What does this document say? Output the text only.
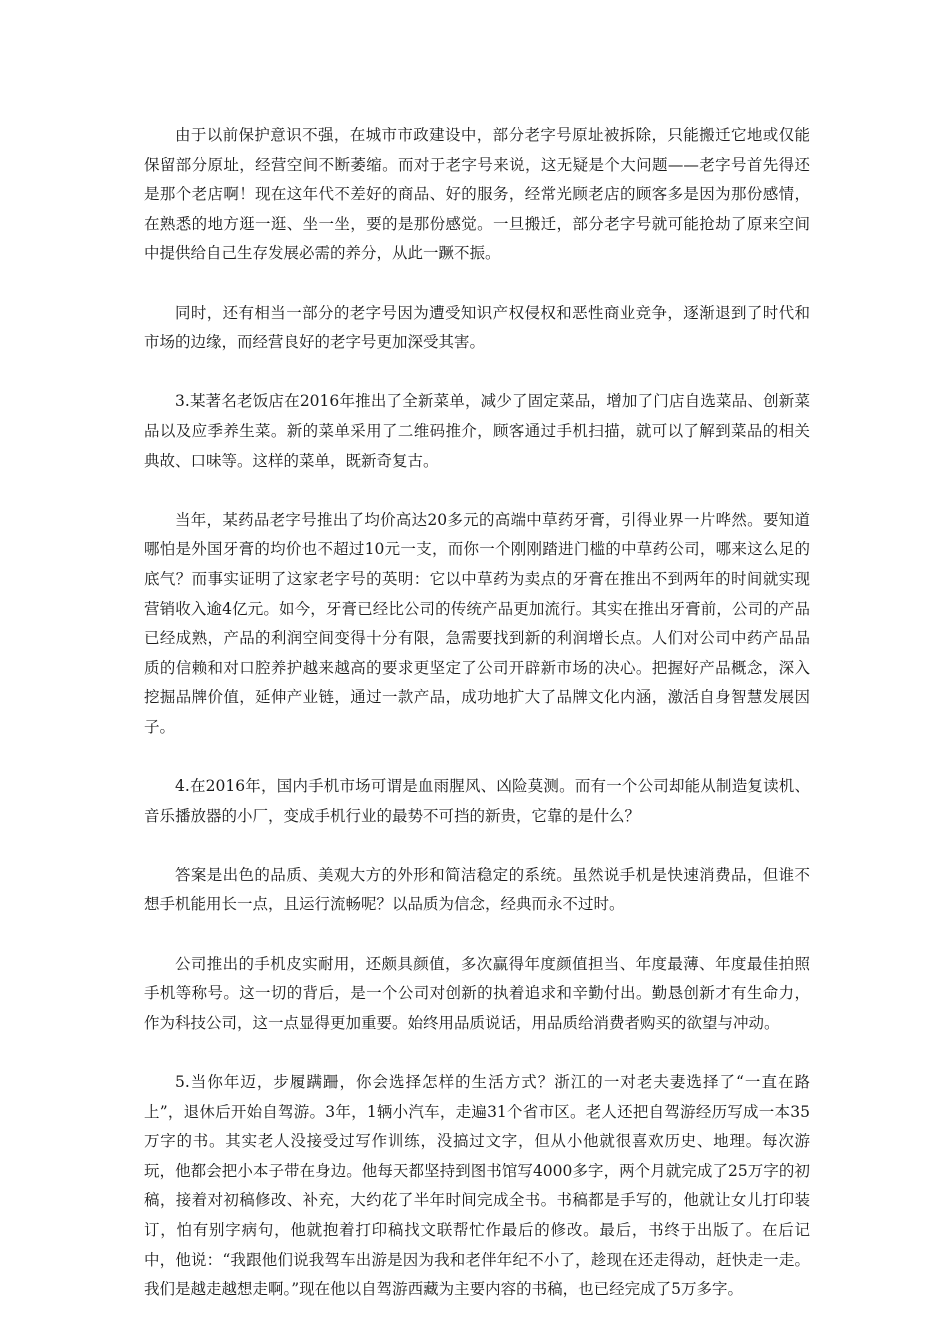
由于以前保护意识不强，在城市市政建设中，部分老字号原址被拆除，只能搬迁它地或仅能保留部分原址，经营空间不断萎缩。而对于老字号来说，这无疑是个大问题——老字号首先得还是那个老店啊！现在这年代不差好的商品、好的服务，经常光顾老店的顾客多是因为那份感情，在熟悉的地方逛一逛、坐一坐，要的是那份感觉。一旦搬迁，部分老字号就可能抢劫了原来空间中提供给自己生存发展必需的养分，从此一蹶不振。

同时，还有相当一部分的老字号因为遭受知识产权侵权和恶性商业竞争，逐渐退到了时代和市场的边缘，而经营良好的老字号更加深受其害。

3.某著名老饭店在2016年推出了全新菜单，减少了固定菜品，增加了门店自选菜品、创新菜品以及应季养生菜。新的菜单采用了二维码推介，顾客通过手机扫描，就可以了解到菜品的相关典故、口味等。这样的菜单，既新奇复古。

当年，某药品老字号推出了均价高达20多元的高端中草药牙膏，引得业界一片哗然。要知道哪怕是外国牙膏的均价也不超过10元一支，而你一个刚刚踏进门槛的中草药公司，哪来这么足的底气？而事实证明了这家老字号的英明：它以中草药为卖点的牙膏在推出不到两年的时间就实现营销收入逾4亿元。如今，牙膏已经比公司的传统产品更加流行。其实在推出牙膏前，公司的产品已经成熟，产品的利润空间变得十分有限，急需要找到新的利润增长点。人们对公司中药产品品质的信赖和对口腔养护越来越高的要求更坚定了公司开辟新市场的决心。把握好产品概念，深入挖掘品牌价值，延伸产业链，通过一款产品，成功地扩大了品牌文化内涵，激活自身智慧发展因子。

4.在2016年，国内手机市场可谓是血雨腥风、凶险莫测。而有一个公司却能从制造复读机、音乐播放器的小厂，变成手机行业的最势不可挡的新贵，它靠的是什么？

答案是出色的品质、美观大方的外形和简洁稳定的系统。虽然说手机是快速消费品，但谁不想手机能用长一点，且运行流畅呢？以品质为信念，经典而永不过时。

公司推出的手机皮实耐用，还颇具颜值，多次赢得年度颜值担当、年度最薄、年度最佳拍照手机等称号。这一切的背后，是一个公司对创新的执着追求和辛勤付出。勤恳创新才有生命力，作为科技公司，这一点显得更加重要。始终用品质说话，用品质给消费者购买的欲望与冲动。

5.当你年迈，步履蹒跚，你会选择怎样的生活方式？浙江的一对老夫妻选择了“一直在路上”，退休后开始自驾游。3年，1辆小汽车，走遍31个省市区。老人还把自驾游经历写成一本35万字的书。其实老人没接受过写作训练，没搞过文字，但从小他就很喜欢历史、地理。每次游玩，他都会把小本子带在身边。他每天都坚持到图书馆写4000多字，两个月就完成了25万字的初稿，接着对初稿修改、补充，大约花了半年时间完成全书。书稿都是手写的，他就让女儿打印装订，怕有别字病句，他就抱着打印稿找文联帮忙作最后的修改。最后，书终于出版了。在后记中，他说：“我跟他们说我驾车出游是因为我和老伴年纪不小了，趁现在还走得动，赶快走一走。我们是越走越想走啊。”现在他以自驾游西藏为主要内容的书稿，也已经完成了5万多字。
